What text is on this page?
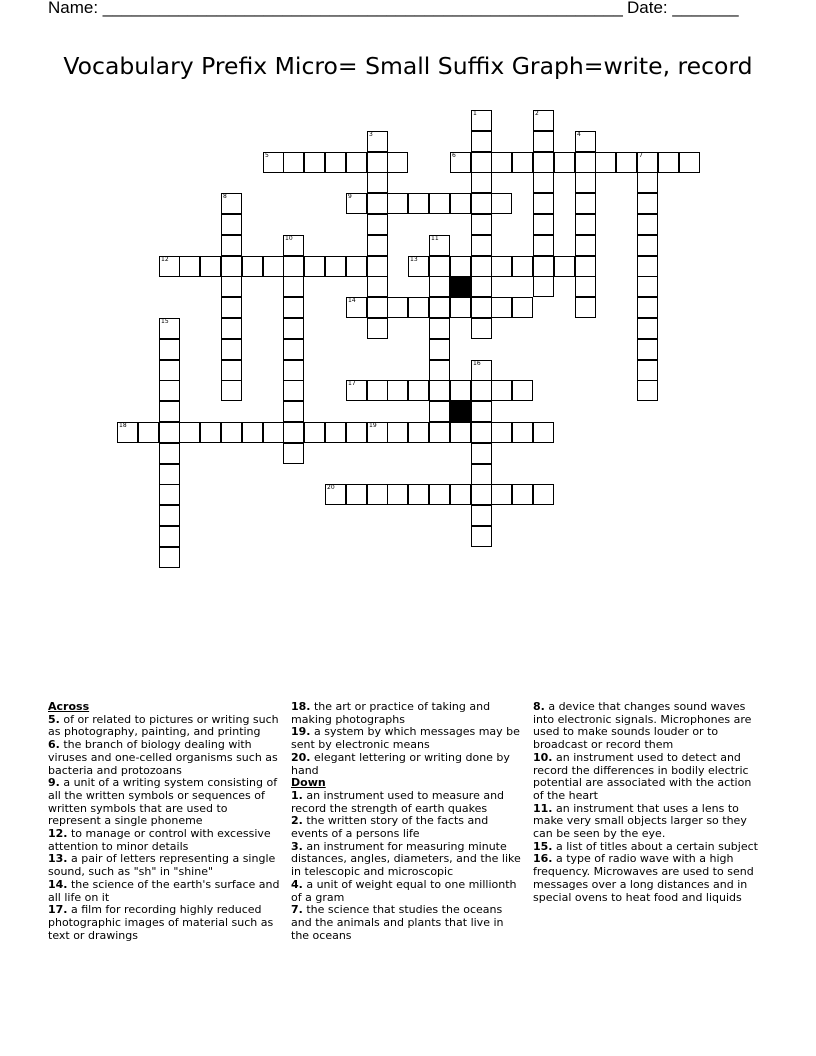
Name: _______________________________________________________ Date: _______
Vocabulary Prefix Micro= Small Suffix Graph=write, record
1	2
3	4
5	6	7
8	9
10	11
12	13
14
15
16
17
18	19
20

Across

5. of or related to pictures or writing such as photography, painting, and printing

6. the branch of biology dealing with viruses and one-celled organisms such as bacteria and protozoans

9. a unit of a writing system consisting of all the written symbols or sequences of written symbols that are used to represent a single phoneme

12. to manage or control with excessive attention to minor details

13. a pair of letters representing a single sound, such as "sh" in "shine"

14. the science of the earth's surface and all life on it

17. a film for recording highly reduced photographic images of material such as text or drawings

18. the art or practice of taking and making photographs

19. a system by which messages may be sent by electronic means

20. elegant lettering or writing done by hand

Down

1. an instrument used to measure and record the strength of earth quakes

2. the written story of the facts and events of a persons life

3. an instrument for measuring minute distances, angles, diameters, and the like in telescopic and microscopic

4. a unit of weight equal to one millionth of a gram

7. the science that studies the oceans and the animals and plants that live in the oceans

8. a device that changes sound waves into electronic signals. Microphones are used to make sounds louder or to broadcast or record them

10. an instrument used to detect and record the differences in bodily electric potential are associated with the action of the heart

11. an instrument that uses a lens to make very small objects larger so they can be seen by the eye.

15. a list of titles about a certain subject

16. a type of radio wave with a high frequency. Microwaves are used to send messages over a long distances and in special ovens to heat food and liquids
